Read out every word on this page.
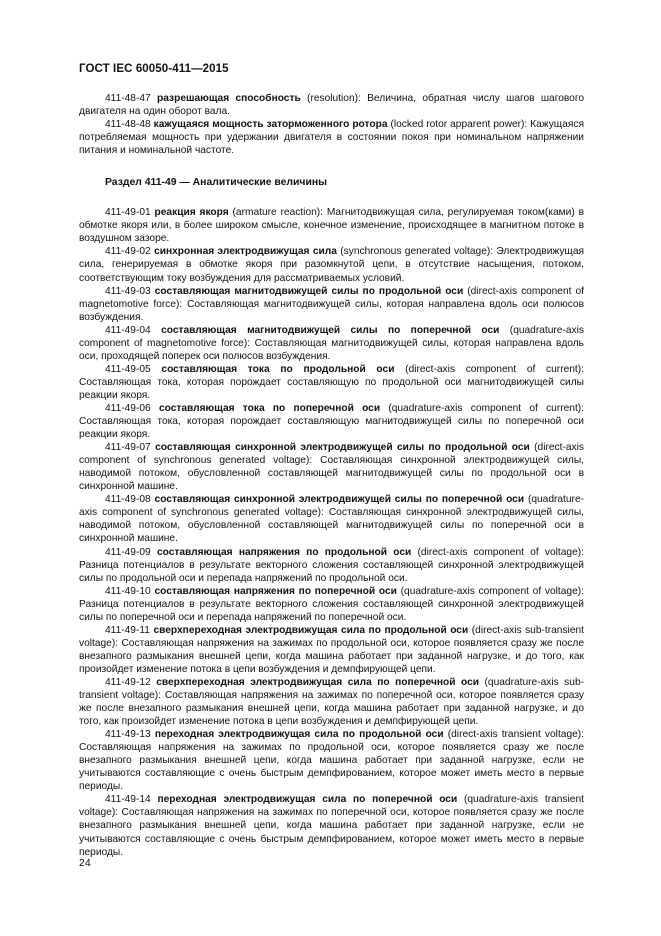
ГОСТ IEC 60050-411—2015

411-48-47 разрешающая способность (resolution): Величина, обратная числу шагов шагового двигателя на один оборот вала.

411-48-48 кажущаяся мощность заторможенного ротора (locked rotor apparent power): Кажущаяся потребляемая мощность при удержании двигателя в состоянии покоя при номинальном напряжении питания и номинальной частоте.

Раздел 411-49 — Аналитические величины

411-49-01 реакция якоря (armature reaction): Магнитодвижущая сила, регулируемая током(ками) в обмотке якоря или, в более широком смысле, конечное изменение, происходящее в магнитном потоке в воздушном зазоре.

411-49-02 синхронная электродвижущая сила (synchronous generated voltage): Электродвижущая сила, генерируемая в обмотке якоря при разомкнутой цепи, в отсутствие насыщения, потоком, соответствующим току возбуждения для рассматриваемых условий.

411-49-03 составляющая магнитодвижущей силы по продольной оси (direct-axis component of magnetomotive force): Составляющая магнитодвижущей силы, которая направлена вдоль оси полюсов возбуждения.

411-49-04 составляющая магнитодвижущей силы по поперечной оси (quadrature-axis component of magnetomotive force): Составляющая магнитодвижущей силы, которая направлена вдоль оси, проходящей поперек оси полюсов возбуждения.

411-49-05 составляющая тока по продольной оси (direct-axis component of current): Составляющая тока, которая порождает составляющую по продольной оси магнитодвижущей силы реакции якоря.

411-49-06 составляющая тока по поперечной оси (quadrature-axis component of current): Составляющая тока, которая порождает составляющую магнитодвижущей силы по поперечной оси реакции якоря.

411-49-07 составляющая синхронной электродвижущей силы по продольной оси (direct-axis component of synchronous generated voltage): Составляющая синхронной электродвижущей силы, наводимой потоком, обусловленной составляющей магнитодвижущей силы по продольной оси в синхронной машине.

411-49-08 составляющая синхронной электродвижущей силы по поперечной оси (quadrature-axis component of synchronous generated voltage): Составляющая синхронной электродвижущей силы, наводимой потоком, обусловленной составляющей магнитодвижущей силы по поперечной оси в синхронной машине.

411-49-09 составляющая напряжения по продольной оси (direct-axis component of voltage): Разница потенциалов в результате векторного сложения составляющей синхронной электродвижущей силы по продольной оси и перепада напряжений по продольной оси.

411-49-10 составляющая напряжения по поперечной оси (quadrature-axis component of voltage): Разница потенциалов в результате векторного сложения составляющей синхронной электродвижущей силы по поперечной оси и перепада напряжений по поперечной оси.

411-49-11 сверхпереходная электродвижущая сила по продольной оси (direct-axis sub-transient voltage): Составляющая напряжения на зажимах по продольной оси, которое появляется сразу же после внезапного размыкания внешней цепи, когда машина работает при заданной нагрузке, и до того, как произойдет изменение потока в цепи возбуждения и демпфирующей цепи.

411-49-12 сверхпереходная электродвижущая сила по поперечной оси (quadrature-axis sub-transient voltage): Составляющая напряжения на зажимах по поперечной оси, которое появляется сразу же после внезапного размыкания внешней цепи, когда машина работает при заданной нагрузке, и до того, как произойдет изменение потока в цепи возбуждения и демпфирующей цепи.

411-49-13 переходная электродвижущая сила по продольной оси (direct-axis transient voltage): Составляющая напряжения на зажимах по продольной оси, которое появляется сразу же после внезапного размыкания внешней цепи, когда машина работает при заданной нагрузке, если не учитываются составляющие с очень быстрым демпфированием, которое может иметь место в первые периоды.

411-49-14 переходная электродвижущая сила по поперечной оси (quadrature-axis transient voltage): Составляющая напряжения на зажимах по поперечной оси, которое появляется сразу же после внезапного размыкания внешней цепи, когда машина работает при заданной нагрузке, если не учитываются составляющие с очень быстрым демпфированием, которое может иметь место в первые периоды.

24
